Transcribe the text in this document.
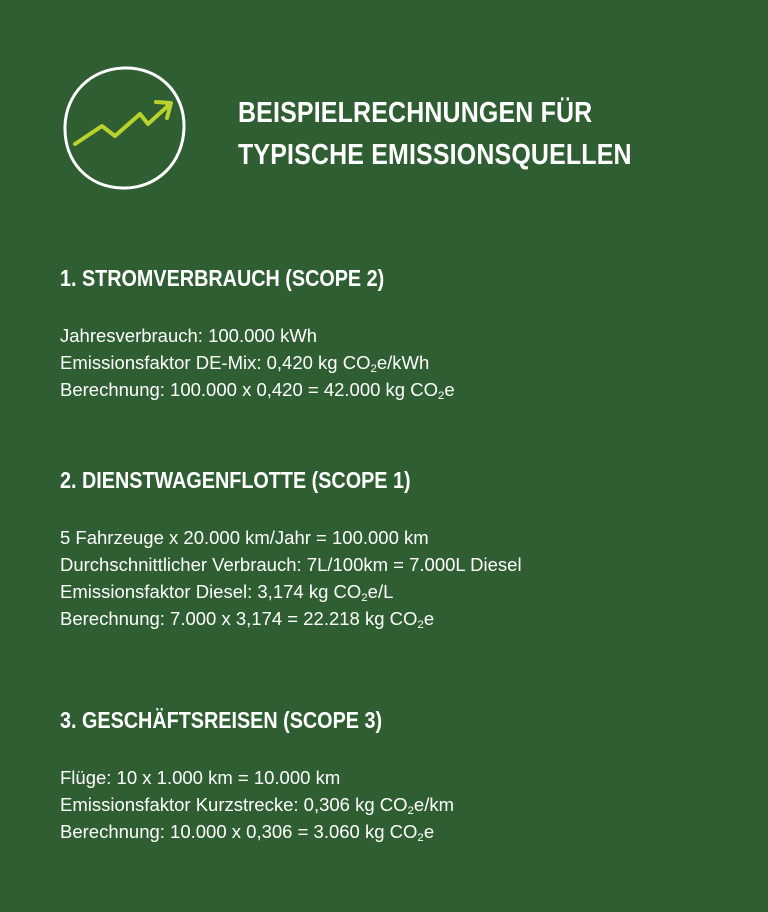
BEISPIELRECHNUNGEN FÜR
TYPISCHE EMISSIONSQUELLEN
1. STROMVERBRAUCH (SCOPE 2)
Jahresverbrauch: 100.000 kWh
Emissionsfaktor DE-Mix: 0,420 kg $CO_2e$/kWh
Berechnung: 100.000 x 0,420 = 42.000 kg $CO_2e$
2. DIENSTWAGENFLOTTE (SCOPE 1)
5 Fahrzeuge x 20.000 km/Jahr = 100.000 km
Durchschnittlicher Verbrauch: 7L/100km = 7.000L Diesel
Emissionsfaktor Diesel: 3,174 kg $CO_2e/L$
Berechnung: 7.000 x 3,174 = 22.218 kg $CO_2e$
3. GESCHÄFTSREISEN (SCOPE 3)
Flüge: 10 x 1.000 km = 10.000 km
Emissionsfaktor Kurzstrecke: 0,306 kg $CO_2e/km$
Berechnung: 10.000 x 0,306 = 3.060 kg $CO_2e$
